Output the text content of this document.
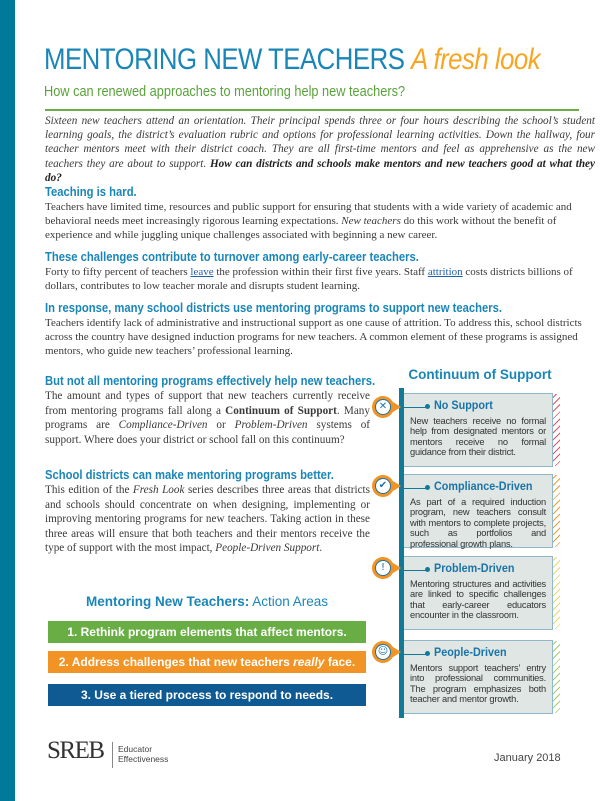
MENTORING NEW TEACHERS A fresh look
How can renewed approaches to mentoring help new teachers?
Sixteen new teachers attend an orientation. Their principal spends three or four hours describing the school’s student learning goals, the district’s evaluation rubric and options for professional learning activities. Down the hallway, four teacher mentors meet with their district coach. They are all first-time mentors and feel as apprehensive as the new teachers they are about to support. How can districts and schools make mentors and new teachers good at what they do?
Teaching is hard.

Teachers have limited time, resources and public support for ensuring that students with a wide variety of academic and behavioral needs meet increasingly rigorous learning expectations. New teachers do this work without the benefit of experience and while juggling unique challenges associated with beginning a new career.

These challenges contribute to turnover among early-career teachers.

Forty to fifty percent of teachers leave the profession within their first five years. Staff attrition costs districts billions of dollars, contributes to low teacher morale and disrupts student learning.

In response, many school districts use mentoring programs to support new teachers.

Teachers identify lack of administrative and instructional support as one cause of attrition. To address this, school districts across the country have designed induction programs for new teachers. A common element of these programs is assigned mentors, who guide new teachers’ professional learning.

But not all mentoring programs effectively help new teachers.

The amount and types of support that new teachers currently receive from mentoring programs fall along a Continuum of Support. Many programs are Compliance-Driven or Problem-Driven systems of support. Where does your district or school fall on this continuum?

School districts can make mentoring programs better.

This edition of the Fresh Look series describes three areas that districts and schools should concentrate on when designing, implementing or improving mentoring programs for new teachers. Taking action in these three areas will ensure that both teachers and their mentors receive the type of support with the most impact, People-Driven Support.

Mentoring New Teachers: Action Areas
1. Rethink program elements that affect mentors.
2. Address challenges that new teachers really face.
3. Use a tiered process to respond to needs.
Continuum of Support
✕	No Support

New teachers receive no formal help from designated mentors or mentors receive no formal guidance from their district.

✔	Compliance-Driven

As part of a required induction program, new teachers consult with mentors to complete projects, such as portfolios and professional growth plans.

!	Problem-Driven

Mentoring structures and activities are linked to specific challenges that early-career educators encounter in the classroom.

☺	People-Driven

Mentors support teachers’ entry into professional communities. The program emphasizes both teacher and mentor growth.

SREB Educator
Effectiveness	January 2018
